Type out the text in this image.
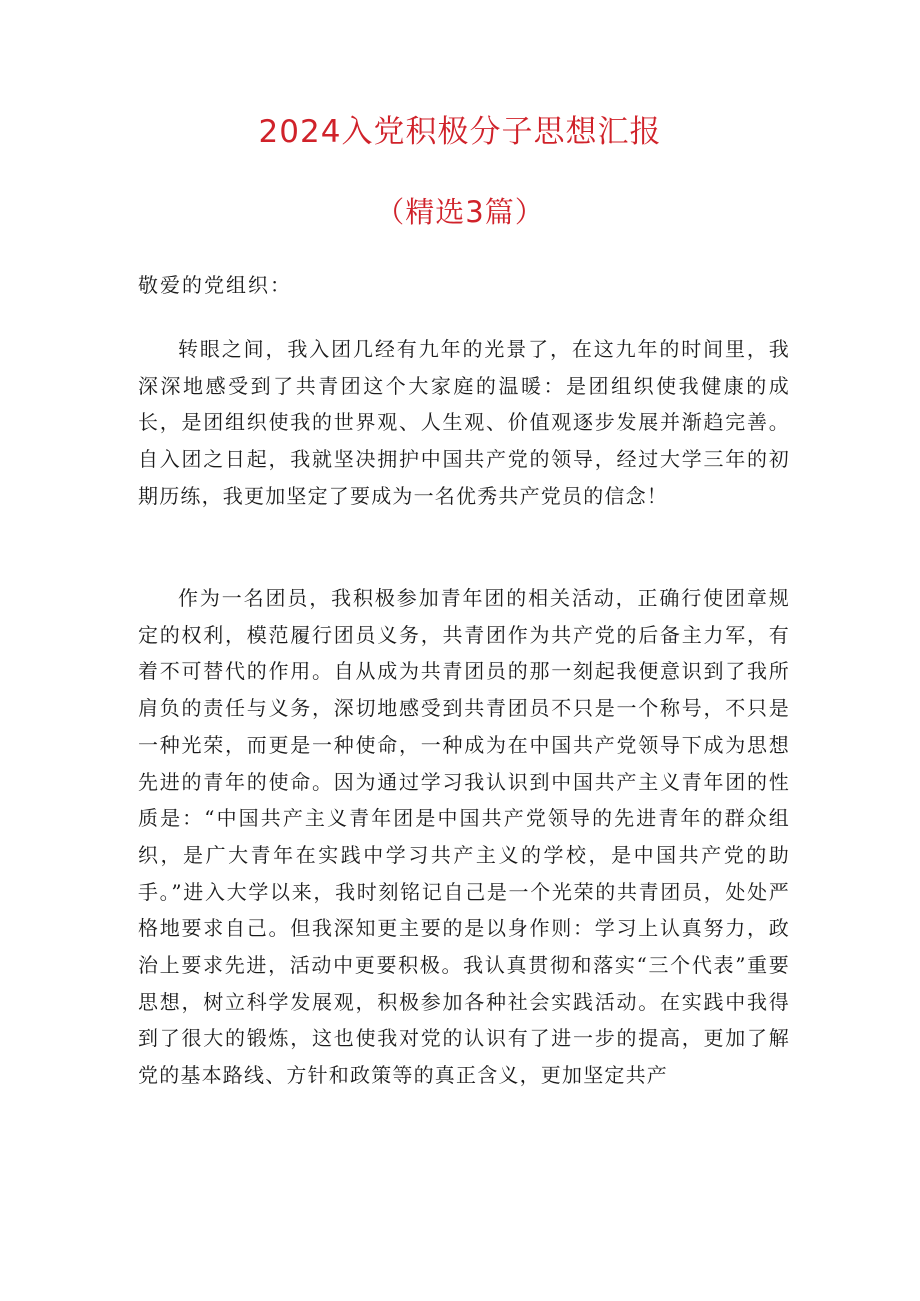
2024入党积极分子思想汇报
（精选3篇）
敬爱的党组织：

转眼之间，我入团几经有九年的光景了，在这九年的时间里，我深深地感受到了共青团这个大家庭的温暖：是团组织使我健康的成长，是团组织使我的世界观、人生观、价值观逐步发展并渐趋完善。自入团之日起，我就坚决拥护中国共产党的领导，经过大学三年的初期历练，我更加坚定了要成为一名优秀共产党员的信念！

作为一名团员，我积极参加青年团的相关活动，正确行使团章规定的权利，模范履行团员义务，共青团作为共产党的后备主力军，有着不可替代的作用。自从成为共青团员的那一刻起我便意识到了我所肩负的责任与义务，深切地感受到共青团员不只是一个称号，不只是一种光荣，而更是一种使命，一种成为在中国共产党领导下成为思想先进的青年的使命。因为通过学习我认识到中国共产主义青年团的性质是：“中国共产主义青年团是中国共产党领导的先进青年的群众组织，是广大青年在实践中学习共产主义的学校，是中国共产党的助手。”进入大学以来，我时刻铭记自己是一个光荣的共青团员，处处严格地要求自己。但我深知更主要的是以身作则：学习上认真努力，政治上要求先进，活动中更要积极。我认真贯彻和落实“三个代表”重要思想，树立科学发展观，积极参加各种社会实践活动。在实践中我得到了很大的锻炼，这也使我对党的认识有了进一步的提高，更加了解党的基本路线、方针和政策等的真正含义，更加坚定共产
